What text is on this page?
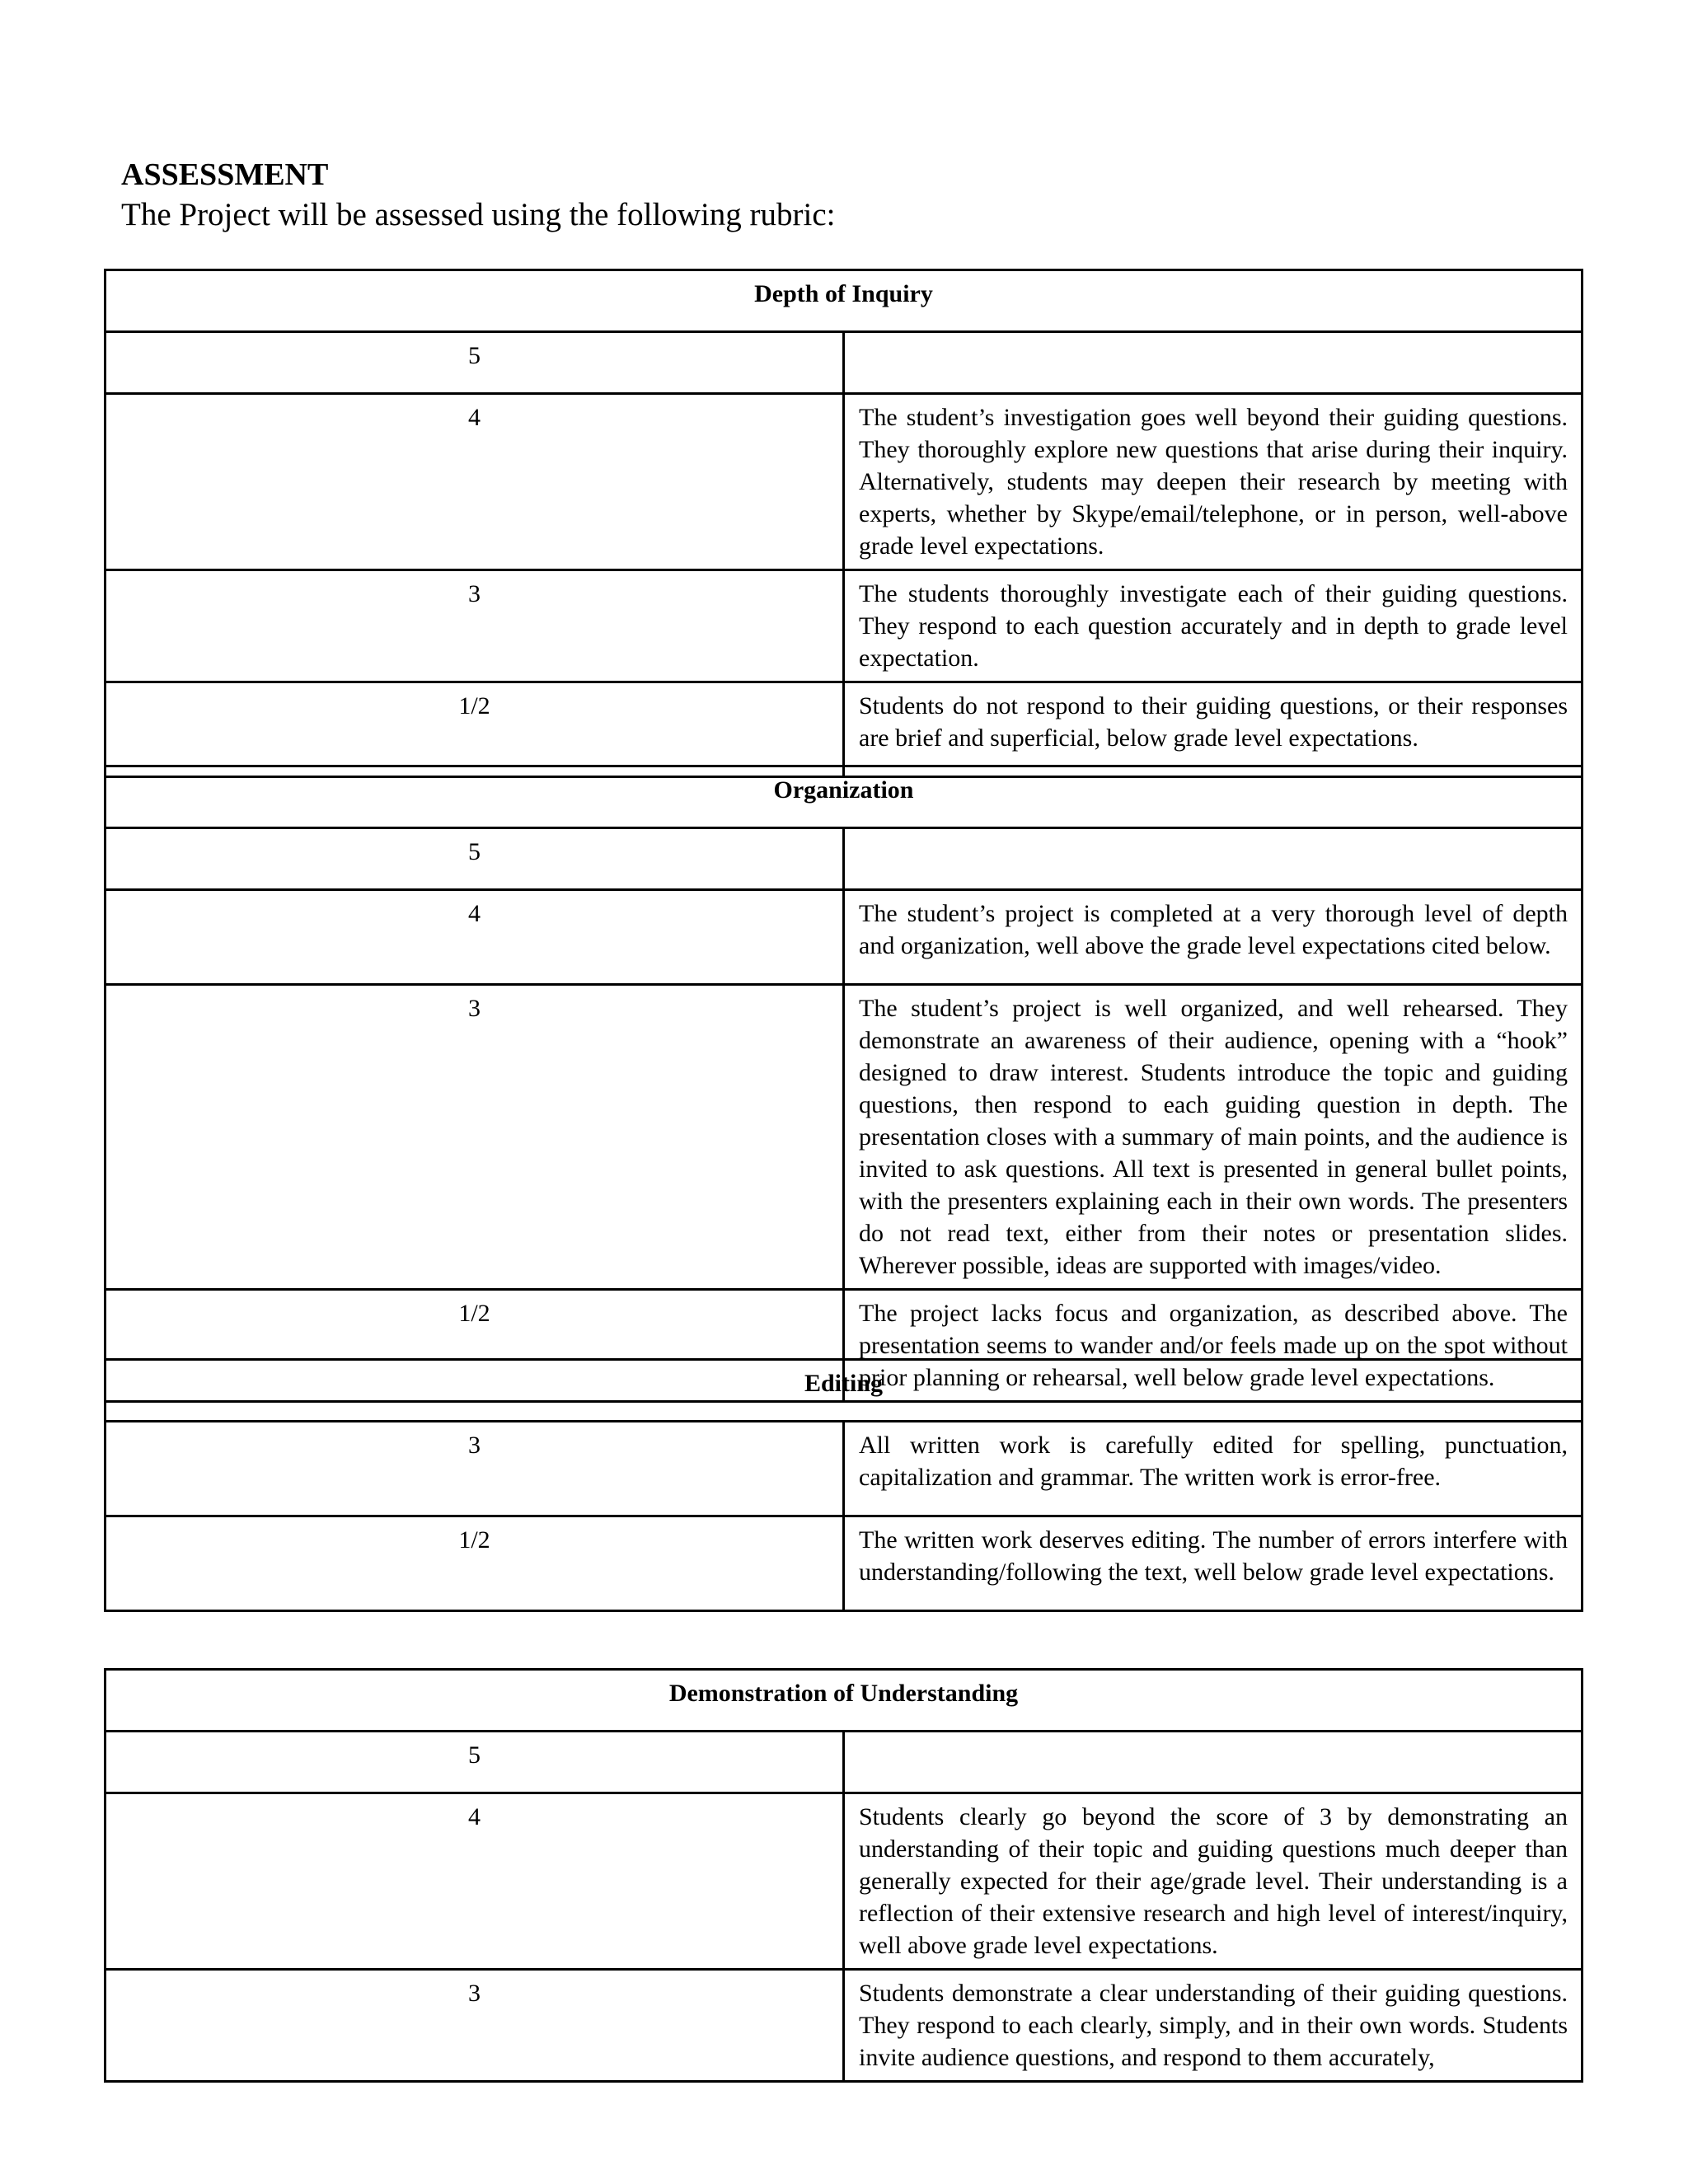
ASSESSMENT
The Project will be assessed using the following rubric:
Depth of Inquiry	
5	
4	The student’s investigation goes well beyond their guiding questions. They thoroughly explore new questions that arise during their inquiry. Alternatively, students may deepen their research by meeting with experts, whether by Skype/email/telephone, or in person, well-above grade level expectations.
3	The students thoroughly investigate each of their guiding questions. They respond to each question accurately and in depth to grade level expectation.
1/2	Students do not respond to their guiding questions, or their responses are brief and superficial, below grade level expectations.
Organization	
5	
4	The student’s project is completed at a very thorough level of depth and organization, well above the grade level expectations cited below.
3	The student’s project is well organized, and well rehearsed. They demonstrate an awareness of their audience, opening with a “hook” designed to draw interest. Students introduce the topic and guiding questions, then respond to each guiding question in depth. The presentation closes with a summary of main points, and the audience is invited to ask questions. All text is presented in general bullet points, with the presenters explaining each in their own words. The presenters do not read text, either from their notes or presentation slides. Wherever possible, ideas are supported with images/video.
1/2	The project lacks focus and organization, as described above. The presentation seems to wander and/or feels made up on the spot without prior planning or rehearsal, well below grade level expectations.
Editing	
3	All written work is carefully edited for spelling, punctuation, capitalization and grammar. The written work is error-free.
1/2	The written work deserves editing. The number of errors interfere with understanding/following the text, well below grade level expectations.
Demonstration of Understanding	
5	
4	Students clearly go beyond the score of 3 by demonstrating an understanding of their topic and guiding questions much deeper than generally expected for their age/grade level. Their understanding is a reflection of their extensive research and high level of interest/inquiry, well above grade level expectations.
3	Students demonstrate a clear understanding of their guiding questions. They respond to each clearly, simply, and in their own words. Students invite audience questions, and respond to them accurately,
